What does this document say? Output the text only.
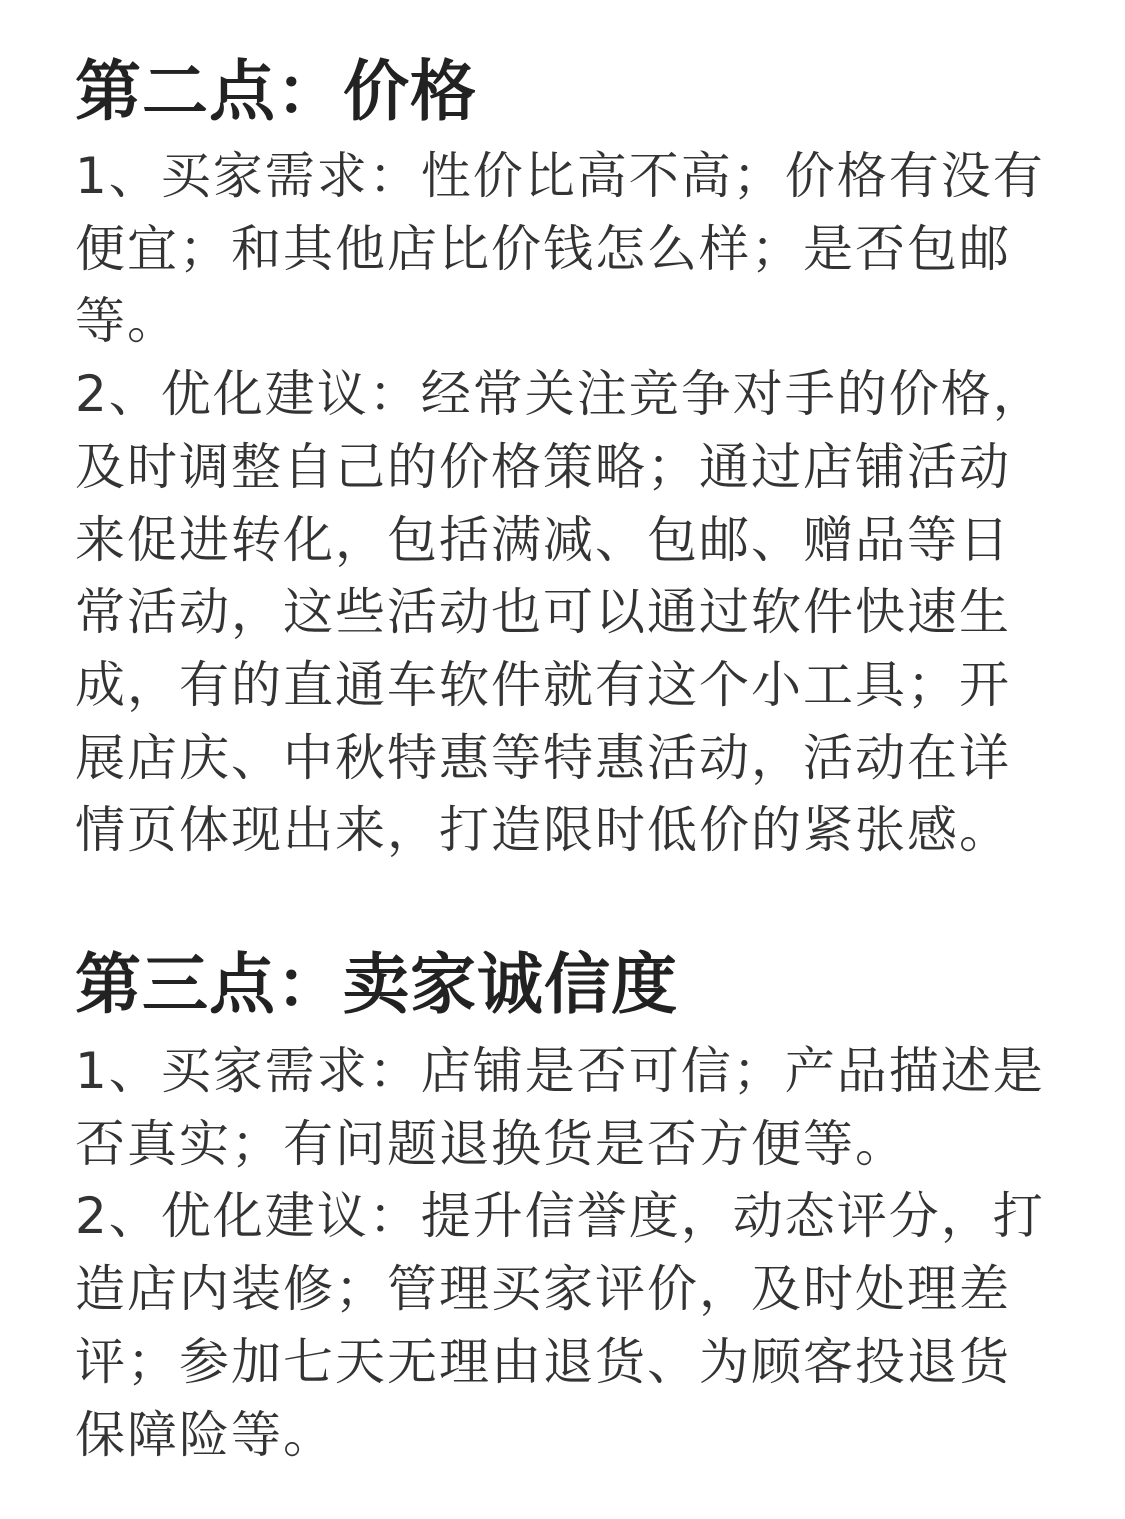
第二点：价格

1、买家需求：性价比高不高；价格有没有
便宜；和其他店比价钱怎么样；是否包邮
等。

2、优化建议：经常关注竞争对手的价格，
及时调整自己的价格策略；通过店铺活动
来促进转化，包括满减、包邮、赠品等日
常活动，这些活动也可以通过软件快速生
成，有的直通车软件就有这个小工具；开
展店庆、中秋特惠等特惠活动，活动在详
情页体现出来，打造限时低价的紧张感。

第三点：卖家诚信度

1、买家需求：店铺是否可信；产品描述是
否真实；有问题退换货是否方便等。

2、优化建议：提升信誉度，动态评分，打
造店内装修；管理买家评价，及时处理差
评；参加七天无理由退货、为顾客投退货
保障险等。
